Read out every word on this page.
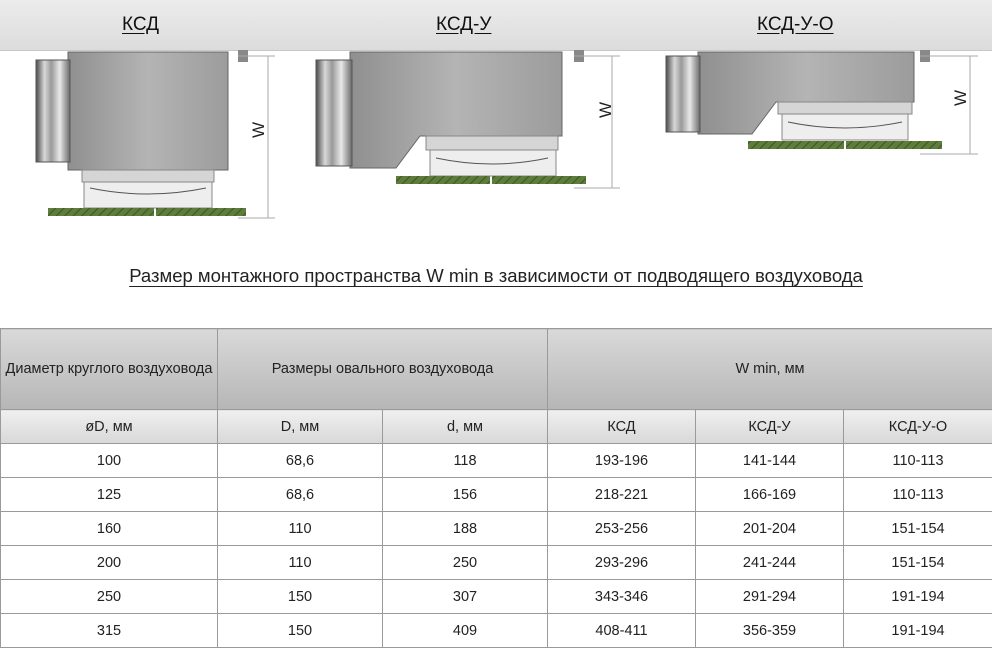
КСД	КСД-У	КСД-У-О
W
W
W
Размер монтажного пространства W min в зависимости от подводящего воздуховода
Диаметр круглого воздуховода	Размеры овального воздуховода		W min, мм		
øD, мм	D, мм	d, мм	КСД	КСД-У	КСД-У-О
100	68,6	118	193-196	141-144	110-113
125	68,6	156	218-221	166-169	110-113
160	110	188	253-256	201-204	151-154
200	110	250	293-296	241-244	151-154
250	150	307	343-346	291-294	191-194
315	150	409	408-411	356-359	191-194
